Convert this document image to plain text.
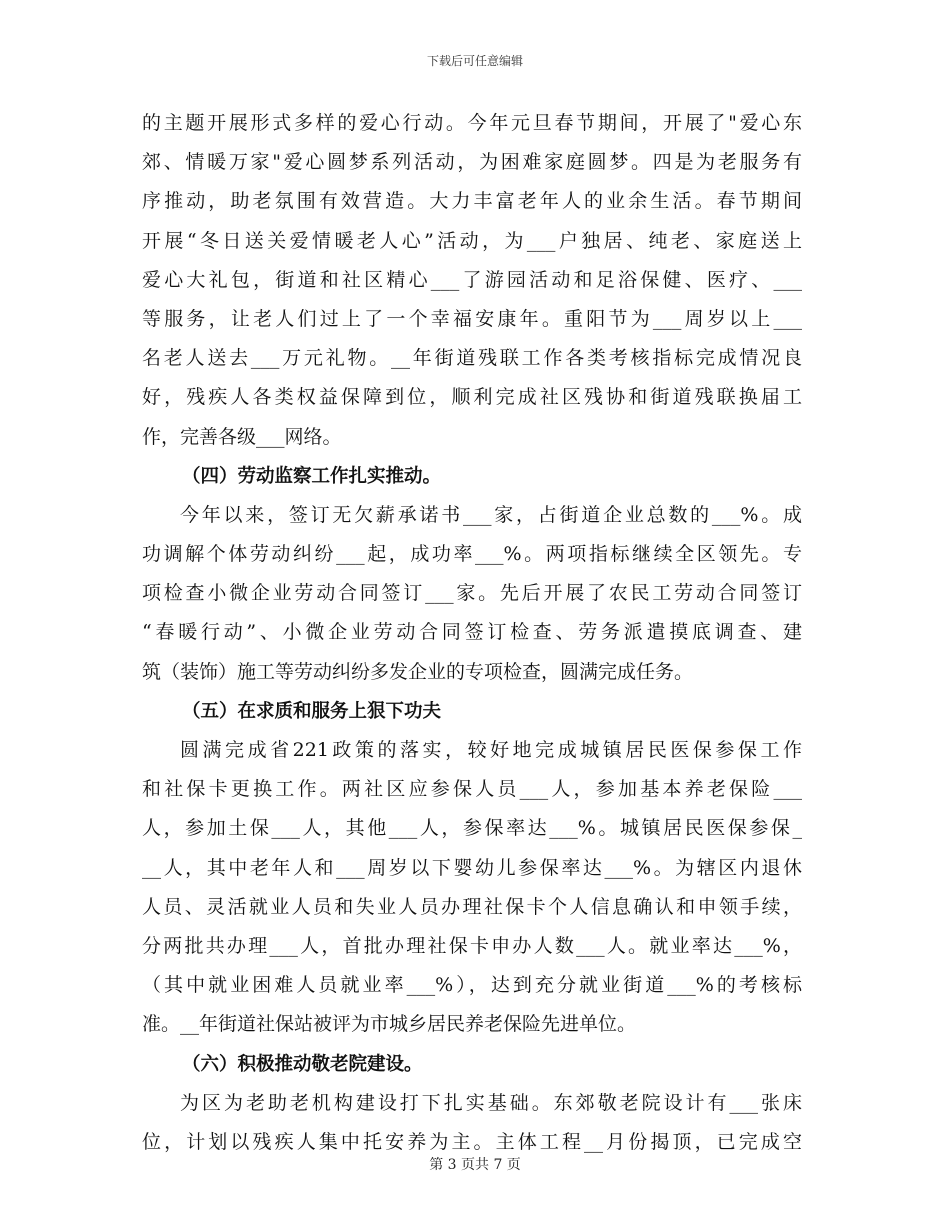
下载后可任意编辑
的主题开展形式多样的爱心行动。今年元旦春节期间，开展了"爱心东
郊、情暖万家"爱心圆梦系列活动，为困难家庭圆梦。四是为老服务有
序推动，助老氛围有效营造。大力丰富老年人的业余生活。春节期间
开展“冬日送关爱情暖老人心”活动，为___户独居、纯老、家庭送上
爱心大礼包，街道和社区精心___了游园活动和足浴保健、医疗、___
等服务，让老人们过上了一个幸福安康年。重阳节为___周岁以上___
名老人送去___万元礼物。__年街道残联工作各类考核指标完成情况良
好，残疾人各类权益保障到位，顺利完成社区残协和街道残联换届工
作，完善各级___网络。
（四）劳动监察工作扎实推动。
今年以来，签订无欠薪承诺书___家，占街道企业总数的___%。成
功调解个体劳动纠纷___起，成功率___%。两项指标继续全区领先。专
项检查小微企业劳动合同签订___家。先后开展了农民工劳动合同签订
“春暖行动”、小微企业劳动合同签订检查、劳务派遣摸底调查、建
筑（装饰）施工等劳动纠纷多发企业的专项检查，圆满完成任务。
（五）在求质和服务上狠下功夫
圆满完成省221政策的落实，较好地完成城镇居民医保参保工作
和社保卡更换工作。两社区应参保人员___人，参加基本养老保险___
人，参加土保___人，其他___人，参保率达___%。城镇居民医保参保_
__人，其中老年人和___周岁以下婴幼儿参保率达___%。为辖区内退休
人员、灵活就业人员和失业人员办理社保卡个人信息确认和申领手续，
分两批共办理___人，首批办理社保卡申办人数___人。就业率达___%，
（其中就业困难人员就业率___%），达到充分就业街道___%的考核标
准。__年街道社保站被评为市城乡居民养老保险先进单位。
（六）积极推动敬老院建设。
为区为老助老机构建设打下扎实基础。东郊敬老院设计有___张床
位，计划以残疾人集中托安养为主。主体工程__月份揭顶，已完成空
第 3 页共 7 页
